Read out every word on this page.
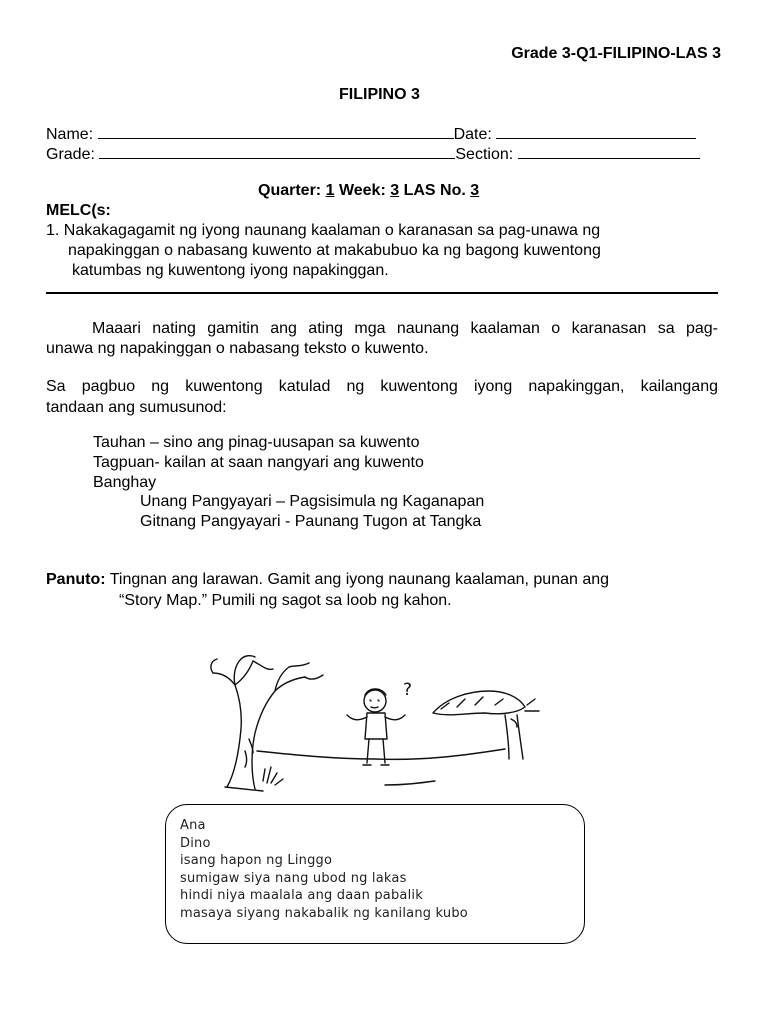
Grade 3-Q1-FILIPINO-LAS 3
FILIPINO 3
Name:	Date:
Grade:	Section:
Quarter: 1 Week: 3 LAS No. 3
MELC(s:
1. Nakakagagamit ng iyong naunang kaalaman o karanasan sa pag-unawa ng
napakinggan o nabasang kuwento at makabubuo ka ng bagong kuwentong
katumbas ng kuwentong iyong napakinggan.
Maaari nating gamitin ang ating mga naunang kaalaman o karanasan sa pag-
unawa ng napakinggan o nabasang teksto o kuwento.
Sa pagbuo ng kuwentong katulad ng kuwentong iyong napakinggan, kailangang
tandaan ang sumusunod:
Tauhan – sino ang pinag-uusapan sa kuwento
Tagpuan- kailan at saan nangyari ang kuwento
Banghay
Unang Pangyayari – Pagsisimula ng Kaganapan
Gitnang Pangyayari - Paunang Tugon at Tangka
Panuto: Tingnan ang larawan. Gamit ang iyong naunang kaalaman, punan ang
“Story Map.” Pumili ng sagot sa loob ng kahon.
?
Ana
Dino
isang hapon ng Linggo
sumigaw siya nang ubod ng lakas
hindi niya maalala ang daan pabalik
masaya siyang nakabalik ng kanilang kubo
